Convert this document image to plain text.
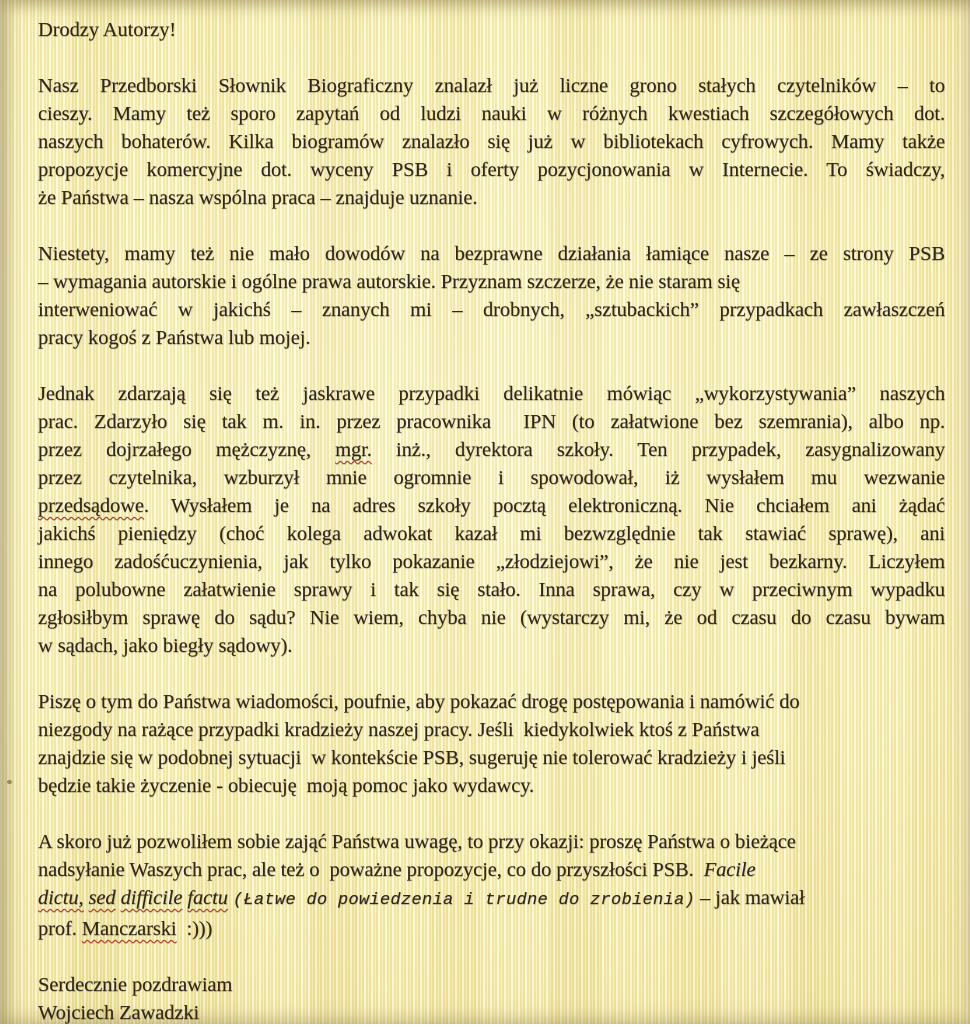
Drodzy Autorzy!
Nasz Przedborski Słownik Biograficzny znalazł już liczne grono stałych czytelników – to
cieszy. Mamy też sporo zapytań od ludzi nauki w różnych kwestiach szczegółowych dot.
naszych bohaterów. Kilka biogramów znalazło się już w bibliotekach cyfrowych. Mamy także
propozycje komercyjne dot. wyceny PSB i oferty pozycjonowania w Internecie. To świadczy,
że Państwa – nasza wspólna praca – znajduje uznanie.
Niestety, mamy też nie mało dowodów na bezprawne działania łamiące nasze – ze strony PSB
– wymagania autorskie i ogólne prawa autorskie. Przyznam szczerze, że nie staram się
interweniować w jakichś – znanych mi – drobnych, „sztubackich” przypadkach zawłaszczeń
pracy kogoś z Państwa lub mojej.
Jednak zdarzają się też jaskrawe przypadki delikatnie mówiąc „wykorzystywania” naszych
prac. Zdarzyło się tak m. in. przez pracownika  IPN (to załatwione bez szemrania), albo np.
przez dojrzałego mężczyznę, mgr. inż., dyrektora szkoły. Ten przypadek, zasygnalizowany
przez czytelnika, wzburzył mnie ogromnie i spowodował, iż wysłałem mu wezwanie
przedsądowe. Wysłałem je na adres szkoły pocztą elektroniczną. Nie chciałem ani żądać
jakichś pieniędzy (choć kolega adwokat kazał mi bezwzględnie tak stawiać sprawę), ani
innego zadośćuczynienia, jak tylko pokazanie „złodziejowi”, że nie jest bezkarny. Liczyłem
na polubowne załatwienie sprawy i tak się stało. Inna sprawa, czy w przeciwnym wypadku
zgłosiłbym sprawę do sądu? Nie wiem, chyba nie (wystarczy mi, że od czasu do czasu bywam
w sądach, jako biegły sądowy).
Piszę o tym do Państwa wiadomości, poufnie, aby pokazać drogę postępowania i namówić do
niezgody na rażące przypadki kradzieży naszej pracy. Jeśli  kiedykolwiek ktoś z Państwa
znajdzie się w podobnej sytuacji  w kontekście PSB, sugeruję nie tolerować kradzieży i jeśli
będzie takie życzenie - obiecuję  moją pomoc jako wydawcy.
A skoro już pozwoliłem sobie zająć Państwa uwagę, to przy okazji: proszę Państwa o bieżące
nadsyłanie Waszych prac, ale też o  poważne propozycje, co do przyszłości PSB.  Facile
dictu, sed difficile factu (Łatwe do powiedzenia i trudne do zrobienia) – jak mawiał
prof. Manczarski  :)))
Serdecznie pozdrawiam
Wojciech Zawadzki
